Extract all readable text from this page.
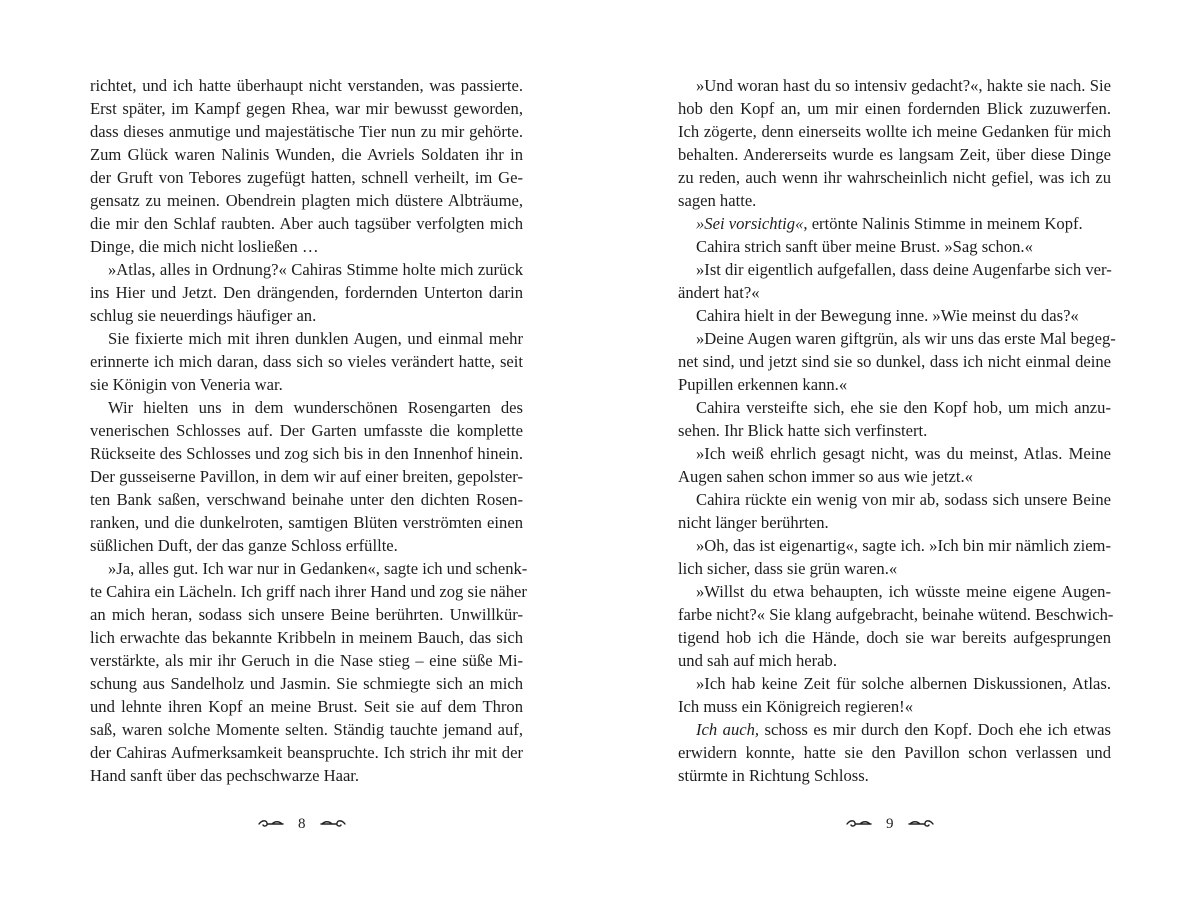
richtet, und ich hatte überhaupt nicht verstanden, was passierte.
Erst später, im Kampf gegen Rhea, war mir bewusst geworden,
dass dieses anmutige und majestätische Tier nun zu mir gehörte.
Zum Glück waren Nalinis Wunden, die Avriels Soldaten ihr in
der Gruft von Tebores zugefügt hatten, schnell verheilt, im Ge-
gensatz zu meinen. Obendrein plagten mich düstere Albträume,
die mir den Schlaf raubten. Aber auch tagsüber verfolgten mich
Dinge, die mich nicht losließen …
»Atlas, alles in Ordnung?« Cahiras Stimme holte mich zurück
ins Hier und Jetzt. Den drängenden, fordernden Unterton darin
schlug sie neuerdings häufiger an.
Sie fixierte mich mit ihren dunklen Augen, und einmal mehr
erinnerte ich mich daran, dass sich so vieles verändert hatte, seit
sie Königin von Veneria war.
Wir hielten uns in dem wunderschönen Rosengarten des
venerischen Schlosses auf. Der Garten umfasste die komplette
Rückseite des Schlosses und zog sich bis in den Innenhof hinein.
Der gusseiserne Pavillon, in dem wir auf einer breiten, gepolster-
ten Bank saßen, verschwand beinahe unter den dichten Rosen-
ranken, und die dunkelroten, samtigen Blüten verströmten einen
süßlichen Duft, der das ganze Schloss erfüllte.
»Ja, alles gut. Ich war nur in Gedanken«, sagte ich und schenk-
te Cahira ein Lächeln. Ich griff nach ihrer Hand und zog sie näher
an mich heran, sodass sich unsere Beine berührten. Unwillkür-
lich erwachte das bekannte Kribbeln in meinem Bauch, das sich
verstärkte, als mir ihr Geruch in die Nase stieg – eine süße Mi-
schung aus Sandelholz und Jasmin. Sie schmiegte sich an mich
und lehnte ihren Kopf an meine Brust. Seit sie auf dem Thron
saß, waren solche Momente selten. Ständig tauchte jemand auf,
der Cahiras Aufmerksamkeit beanspruchte. Ich strich ihr mit der
Hand sanft über das pechschwarze Haar.
8
»Und woran hast du so intensiv gedacht?«, hakte sie nach. Sie
hob den Kopf an, um mir einen fordernden Blick zuzuwerfen.
Ich zögerte, denn einerseits wollte ich meine Gedanken für mich
behalten. Andererseits wurde es langsam Zeit, über diese Dinge
zu reden, auch wenn ihr wahrscheinlich nicht gefiel, was ich zu
sagen hatte.
»Sei vorsichtig«, ertönte Nalinis Stimme in meinem Kopf.
Cahira strich sanft über meine Brust. »Sag schon.«
»Ist dir eigentlich aufgefallen, dass deine Augenfarbe sich ver-
ändert hat?«
Cahira hielt in der Bewegung inne. »Wie meinst du das?«
»Deine Augen waren giftgrün, als wir uns das erste Mal begeg-
net sind, und jetzt sind sie so dunkel, dass ich nicht einmal deine
Pupillen erkennen kann.«
Cahira versteifte sich, ehe sie den Kopf hob, um mich anzu-
sehen. Ihr Blick hatte sich verfinstert.
»Ich weiß ehrlich gesagt nicht, was du meinst, Atlas. Meine
Augen sahen schon immer so aus wie jetzt.«
Cahira rückte ein wenig von mir ab, sodass sich unsere Beine
nicht länger berührten.
»Oh, das ist eigenartig«, sagte ich. »Ich bin mir nämlich ziem-
lich sicher, dass sie grün waren.«
»Willst du etwa behaupten, ich wüsste meine eigene Augen-
farbe nicht?« Sie klang aufgebracht, beinahe wütend. Beschwich-
tigend hob ich die Hände, doch sie war bereits aufgesprungen
und sah auf mich herab.
»Ich hab keine Zeit für solche albernen Diskussionen, Atlas.
Ich muss ein Königreich regieren!«
Ich auch, schoss es mir durch den Kopf. Doch ehe ich etwas
erwidern konnte, hatte sie den Pavillon schon verlassen und
stürmte in Richtung Schloss.
9
